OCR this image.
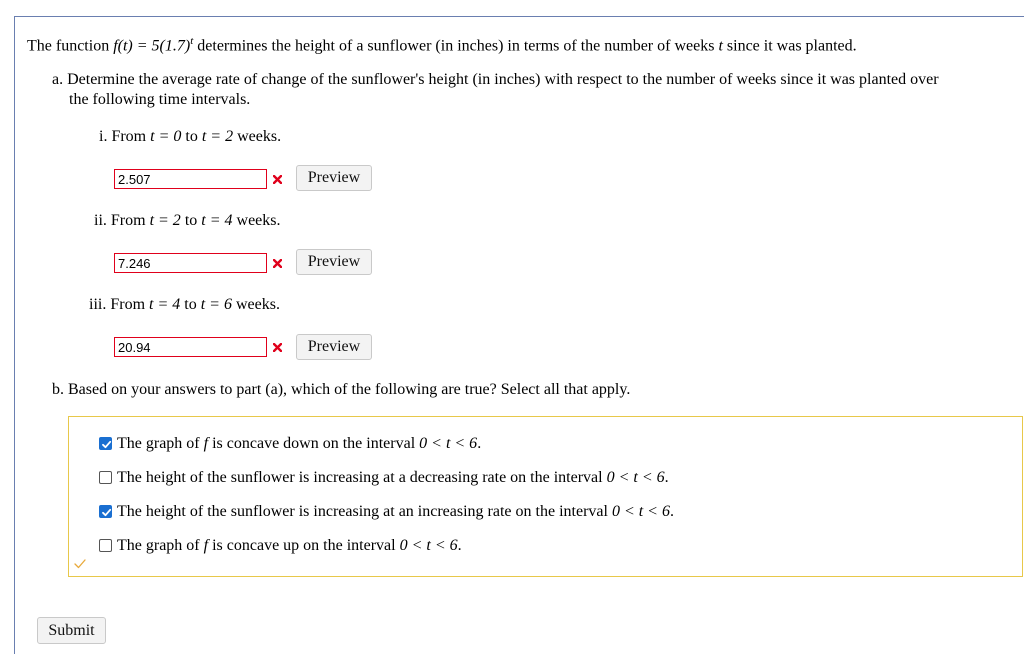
The function $f(t) = 5(1.7)^t$ determines the height of a sunflower (in inches) in terms of the number of weeks t since it was planted.
a. Determine the average rate of change of the sunflower's height (in inches) with respect to the number of weeks since it was planted over
the following time intervals.
i. From t = 0 to t = 2 weeks.
2.507
Preview
ii. From t = 2 to t = 4 weeks.
7.246
Preview
iii. From t = 4 to t = 6 weeks.
20.94
Preview
b. Based on your answers to part (a), which of the following are true? Select all that apply.
The graph of f is concave down on the interval 0 < t < 6.
The height of the sunflower is increasing at a decreasing rate on the interval 0 < t < 6.
The height of the sunflower is increasing at an increasing rate on the interval 0 < t < 6.
The graph of f is concave up on the interval 0 < t < 6.
Submit
